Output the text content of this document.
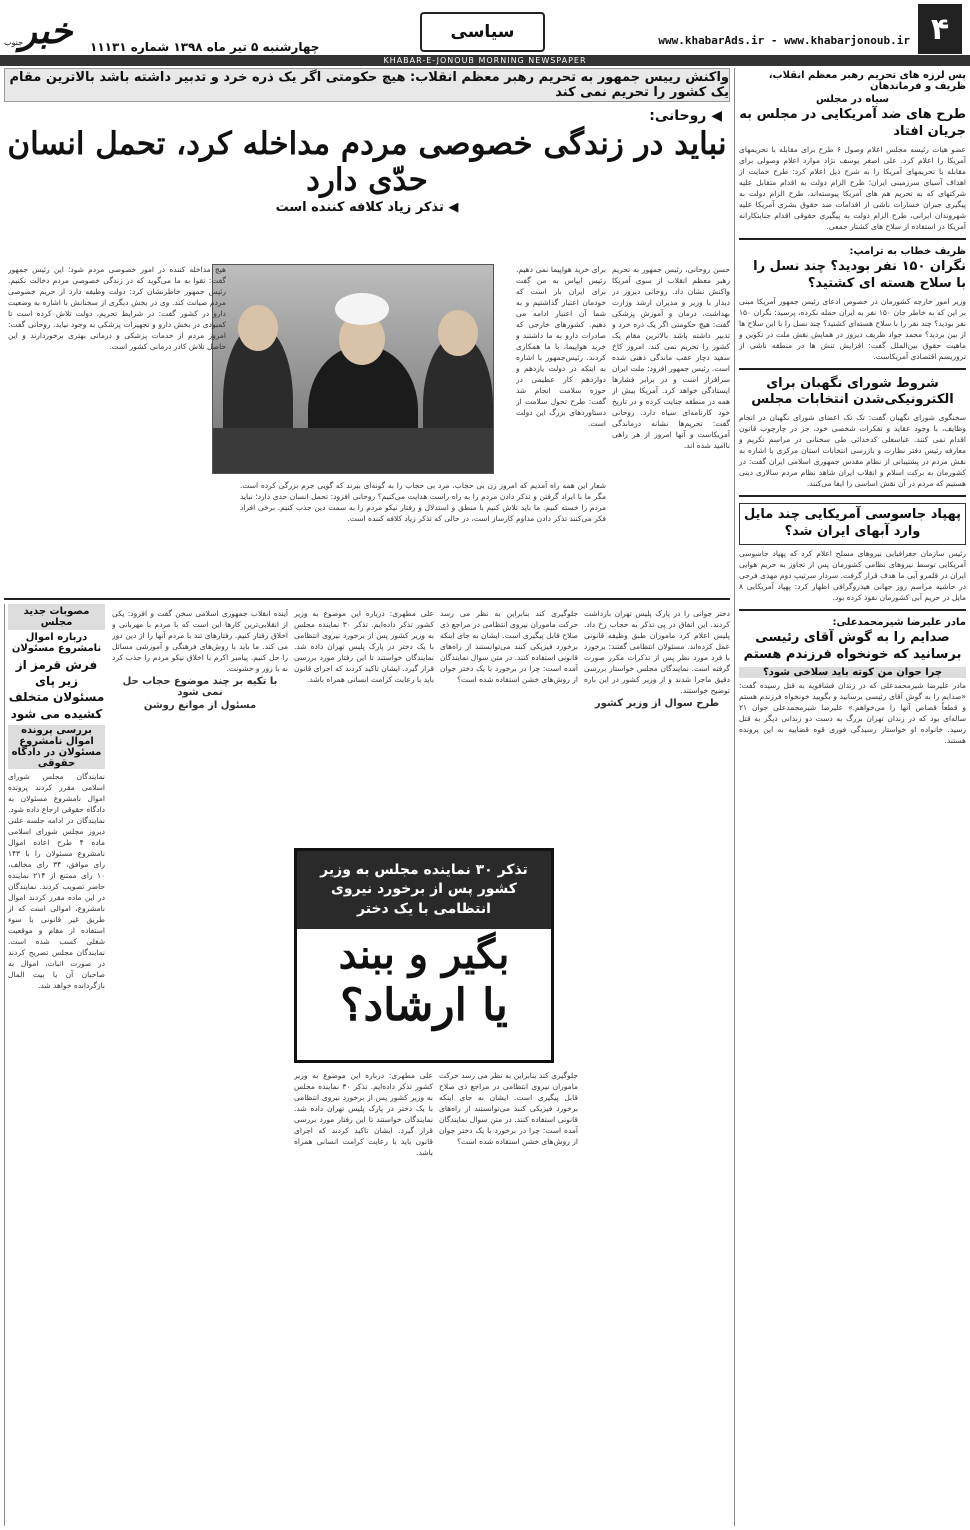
۴
www.khabarAds.ir - www.khabarjonoub.ir
سیاسی
چهارشنبه ۵ تیر ماه ۱۳۹۸ شماره ۱۱۱۳۱
خبر
جنوب
KHABAR-E-JONOUB MORNING NEWSPAPER
پس لرزه های تحریم رهبر معظم انقلاب، ظریف و فرماندهان
سیاه در مجلس
طرح های ضد آمریکایی در مجلس به جریان افتاد
عضو هیات رئیسه مجلس اعلام وصول ۶ طرح برای مقابله با تحریمهای آمریکا را اعلام کرد. علی اصغر یوسف نژاد موارد اعلام وصولی برای مقابله با تحریمهای آمریکا را به شرح ذیل اعلام کرد: طرح حمایت از اهداف آسیای سرزمینی ایران؛ طرح الزام دولت به اقدام متقابل علیه شرکتهای که به تحریم هم های آمریکا پیوسته‌اند، طرح الزام دولت به پیگیری جبران خسارات ناشی از اقدامات ضد حقوق بشری آمریکا علیه شهروندان ایرانی، طرح الزام دولت به پیگیری حقوقی اقدام جنایتکارانه آمریکا در استفاده از سلاح های کشتار جمعی.
ظریف خطاب به ترامپ:
نگران ۱۵۰ نفر بودید؟ چند نسل را با سلاح هسته ای کشتید؟
وزیر امور خارجه کشورمان در خصوص ادعای رئیس جمهور آمریکا مبنی بر این که به خاطر جان ۱۵۰ نفر به ایران حمله نکرده، پرسید: نگران ۱۵۰ نفر بودید؟ چند نفر را با سلاح هسته‌ای کشتید؟ چند نسل را با این سلاح ها از بین بردید؟ محمد جواد ظریف دیروز در همایش نقش ملت در تکوین و ماهیت حقوق بین‌الملل گفت: افزایش تنش ها در منطقه ناشی از تروریسم اقتصادی آمریکاست.
شروط شورای نگهبان برای الکترونیکی‌شدن انتخابات مجلس
سخنگوی شورای نگهبان گفت: تک تک اعضای شورای نگهبان در انجام وظایف، با وجود عقاید و تفکرات شخصی خود، جز در چارچوب قانون اقدام نمی کنند. عباسعلی کدخدائی طی سخنانی در مراسم تکریم و معارفه رئیس دفتر نظارت و بازرسی انتخابات استان مرکزی با اشاره به نقش مردم در پشتیبانی از نظام مقدس جمهوری اسلامی ایران گفت: در کشورمان به برکت اسلام و انقلاب ایران شاهد نظام مردم سالاری دینی هستیم که مردم در آن نقش اساسی را ایفا می‌کنند.
پهپاد جاسوسی آمریکایی چند مایل وارد آبهای ایران شد؟
رئیس سازمان جغرافیایی نیروهای مسلح اعلام کرد که پهپاد جاسوسی آمریکایی توسط نیروهای نظامی کشورمان پس از تجاوز به حریم هوایی ایران در قلمرو آبی ما هدف قرار گرفت. سردار سرتیپ دوم مهدی فرحی در حاشیه مراسم روز جهانی هیدروگرافی اظهار کرد: پهپاد آمریکایی ۸ مایل در حریم آبی کشورمان نفوذ کرده بود.
مادر علیرضا شیرمحمدعلی:
صدایم را به گوش آقای رئیسی برسانید که خونخواه فرزندم هستم
چرا حوان من کوته باید سلاخی شود؟
مادر علیرضا شیرمحمدعلی که در زندان فشافویه به قتل رسیده گفت: «صدایم را به گوش آقای رئیسی برسانید و بگویید خونخواه فرزندم هستم و قطعاً قصاص آنها را می‌خواهم.» علیرضا شیرمحمدعلی جوان ۲۱ ساله‌ای بود که در زندان تهران بزرگ به دست دو زندانی دیگر به قتل رسید. خانواده او خواستار رسیدگی فوری قوه قضاییه به این پرونده هستند.
واکنش رییس جمهور به تحریم رهبر معظم انقلاب: هیچ حکومتی اگر یک ذره خرد و تدبیر داشته باشد بالاترین مقام یک کشور را تحریم نمی کند
◀ روحانی:
نباید در زندگی خصوصی مردم مداخله کرد، تحمل انسان حدّی دارد
◀ تذکر زیاد کلافه کننده است
حسن روحانی، رئیس جمهور به تحریم رهبر معظم انقلاب از سوی آمریکا واکنش نشان داد. روحانی دیروز در دیدار با وزیر و مدیران ارشد وزارت بهداشت، درمان و آموزش پزشکی گفت: هیچ حکومتی اگر یک ذره خرد و تدبیر داشته باشد بالاترین مقام یک کشور را تحریم نمی کند. امروز کاخ سفید دچار عقب ماندگی ذهنی شده است. رئیس جمهور افزود: ملت ایران سرافراز است و در برابر فشارها ایستادگی خواهد کرد. آمریکا بیش از همه در منطقه جنایت کرده و در تاریخ خود کارنامه‌ای سیاه دارد. روحانی گفت: تحریم‌ها نشانه درماندگی آمریکاست و آنها امروز از هر راهی ناامید شده اند.
برای خرید هواپیما نمی دهیم. رئیس ایپاس به من گفت برای ایران بار است که خودمان اعتبار گذاشتیم و به شما آن اعتبار ادامه می دهیم. کشورهای خارجی که صادرات دارو به ما داشتند و خرید هواپیما، با ما همکاری کردند. رئیس‌جمهور با اشاره به اینکه در دولت یازدهم و دوازدهم کار عظیمی در حوزه سلامت انجام شد گفت: طرح تحول سلامت از دستاوردهای بزرگ این دولت است.
شعار این همه راه آمدیم که امروز زن بی حجاب، مرد بی حجاب را به گونه‌ای ببرند که گویی جرم بزرگی کرده است. مگر ما با ایراد گرفتن و تذکر دادن مردم را به راه راست هدایت می‌کنیم؟ روحانی افزود: تحمل انسان حدی دارد؛ نباید مردم را خسته کنیم. ما باید تلاش کنیم با منطق و استدلال و رفتار نیکو مردم را به سمت دین جذب کنیم. برخی افراد فکر می‌کنند تذکر دادن مداوم کارساز است، در حالی که تذکر زیاد کلافه کننده است.
هیچ مداخله کننده در امور خصوصی مردم شود؛ این رئیس جمهور گفت: تقوا به ما می‌گوید که در زندگی خصوصی مردم دخالت نکنیم. رئیس جمهور خاطرنشان کرد: دولت وظیفه دارد از حریم خصوصی مردم صیانت کند. وی در بخش دیگری از سخنانش با اشاره به وضعیت دارو در کشور گفت: در شرایط تحریم، دولت تلاش کرده است تا کمبودی در بخش دارو و تجهیزات پزشکی به وجود نیاید. روحانی گفت: امروز مردم از خدمات پزشکی و درمانی بهتری برخوردارند و این حاصل تلاش کادر درمانی کشور است.
مصوبات جدید مجلس
درباره اموال نامشروع مسئولان
فرش قرمز از زیر پای مسئولان متخلف کشیده می شود
بررسی پرونده اموال نامشروع مسئولان در دادگاه حقوقی
نمایندگان مجلس شورای اسلامی مقرر کردند پرونده اموال نامشروع مسئولان به دادگاه حقوقی ارجاع داده شود. نمایندگان در ادامه جلسه علنی دیروز مجلس شورای اسلامی ماده ۴ طرح اعاده اموال نامشروع مسئولان را با ۱۴۳ رای موافق، ۳۴ رای مخالف، ۱۰ رای ممتنع از ۲۱۴ نماینده حاضر تصویب کردند. نمایندگان در این ماده مقرر کردند اموال نامشروع، اموالی است که از طریق غیر قانونی یا سوء استفاده از مقام و موقعیت شغلی کسب شده است. نمایندگان مجلس تصریح کردند در صورت اثبات، اموال به صاحبان آن یا بیت المال بازگردانده خواهد شد.

دختر جوانی را در پارک پلیس تهران بازداشت کردند. این اتفاق در پی تذکر به حجاب رخ داد. پلیس اعلام کرد ماموران طبق وظیفه قانونی عمل کرده‌اند. مسئولان انتظامی گفتند: برخورد با فرد مورد نظر پس از تذکرات مکرر صورت گرفته است. نمایندگان مجلس خواستار بررسی دقیق ماجرا شدند و از وزیر کشور در این باره توضیح خواستند.

طرح سوال از وزیر کشور
جلوگیری کند بنابراین به نظر می رسد حرکت ماموران نیروی انتظامی در مراجع ذی صلاح قابل پیگیری است. ایشان به جای اینکه برخورد فیزیکی کنند می‌توانستند از راه‌های قانونی استفاده کنند. در متن سوال نمایندگان آمده است: چرا در برخورد با یک دختر جوان از روش‌های خشن استفاده شده است؟
علی مطهری: درباره این موضوع به وزیر کشور تذکر داده‌ایم. تذکر ۳۰ نماینده مجلس به وزیر کشور پس از برخورد نیروی انتظامی با یک دختر در پارک پلیس تهران داده شد. نمایندگان خواستند تا این رفتار مورد بررسی قرار گیرد. ایشان تاکید کردند که اجرای قانون باید با رعایت کرامت انسانی همراه باشد.

آینده انقلاب جمهوری اسلامی سخن گفت و افزود: یکی از انقلابی‌ترین کارها این است که با مردم با مهربانی و اخلاق رفتار کنیم. رفتارهای تند با مردم آنها را از دین دور می کند. ما باید با روش‌های فرهنگی و آموزشی مسائل را حل کنیم. پیامبر اکرم با اخلاق نیکو مردم را جذب کرد نه با زور و خشونت.

با تکیه بر چند موضوع حجاب حل نمی شود
مسئول از موانع روشن
تذکر ۳۰ نماینده مجلس به وزیر کشور پس از برخورد نیروی انتظامی با یک دختر
بگیر و ببند
یا ارشاد؟

جلوگیری کند بنابراین به نظر می رسد حرکت ماموران نیروی انتظامی در مراجع ذی صلاح قابل پیگیری است. ایشان به جای اینکه برخورد فیزیکی کنند می‌توانستند از راه‌های قانونی استفاده کنند. در متن سوال نمایندگان آمده است: چرا در برخورد با یک دختر جوان از روش‌های خشن استفاده شده است؟

علی مطهری: درباره این موضوع به وزیر کشور تذکر داده‌ایم. تذکر ۳۰ نماینده مجلس به وزیر کشور پس از برخورد نیروی انتظامی با یک دختر در پارک پلیس تهران داده شد. نمایندگان خواستند تا این رفتار مورد بررسی قرار گیرد. ایشان تاکید کردند که اجرای قانون باید با رعایت کرامت انسانی همراه باشد.
